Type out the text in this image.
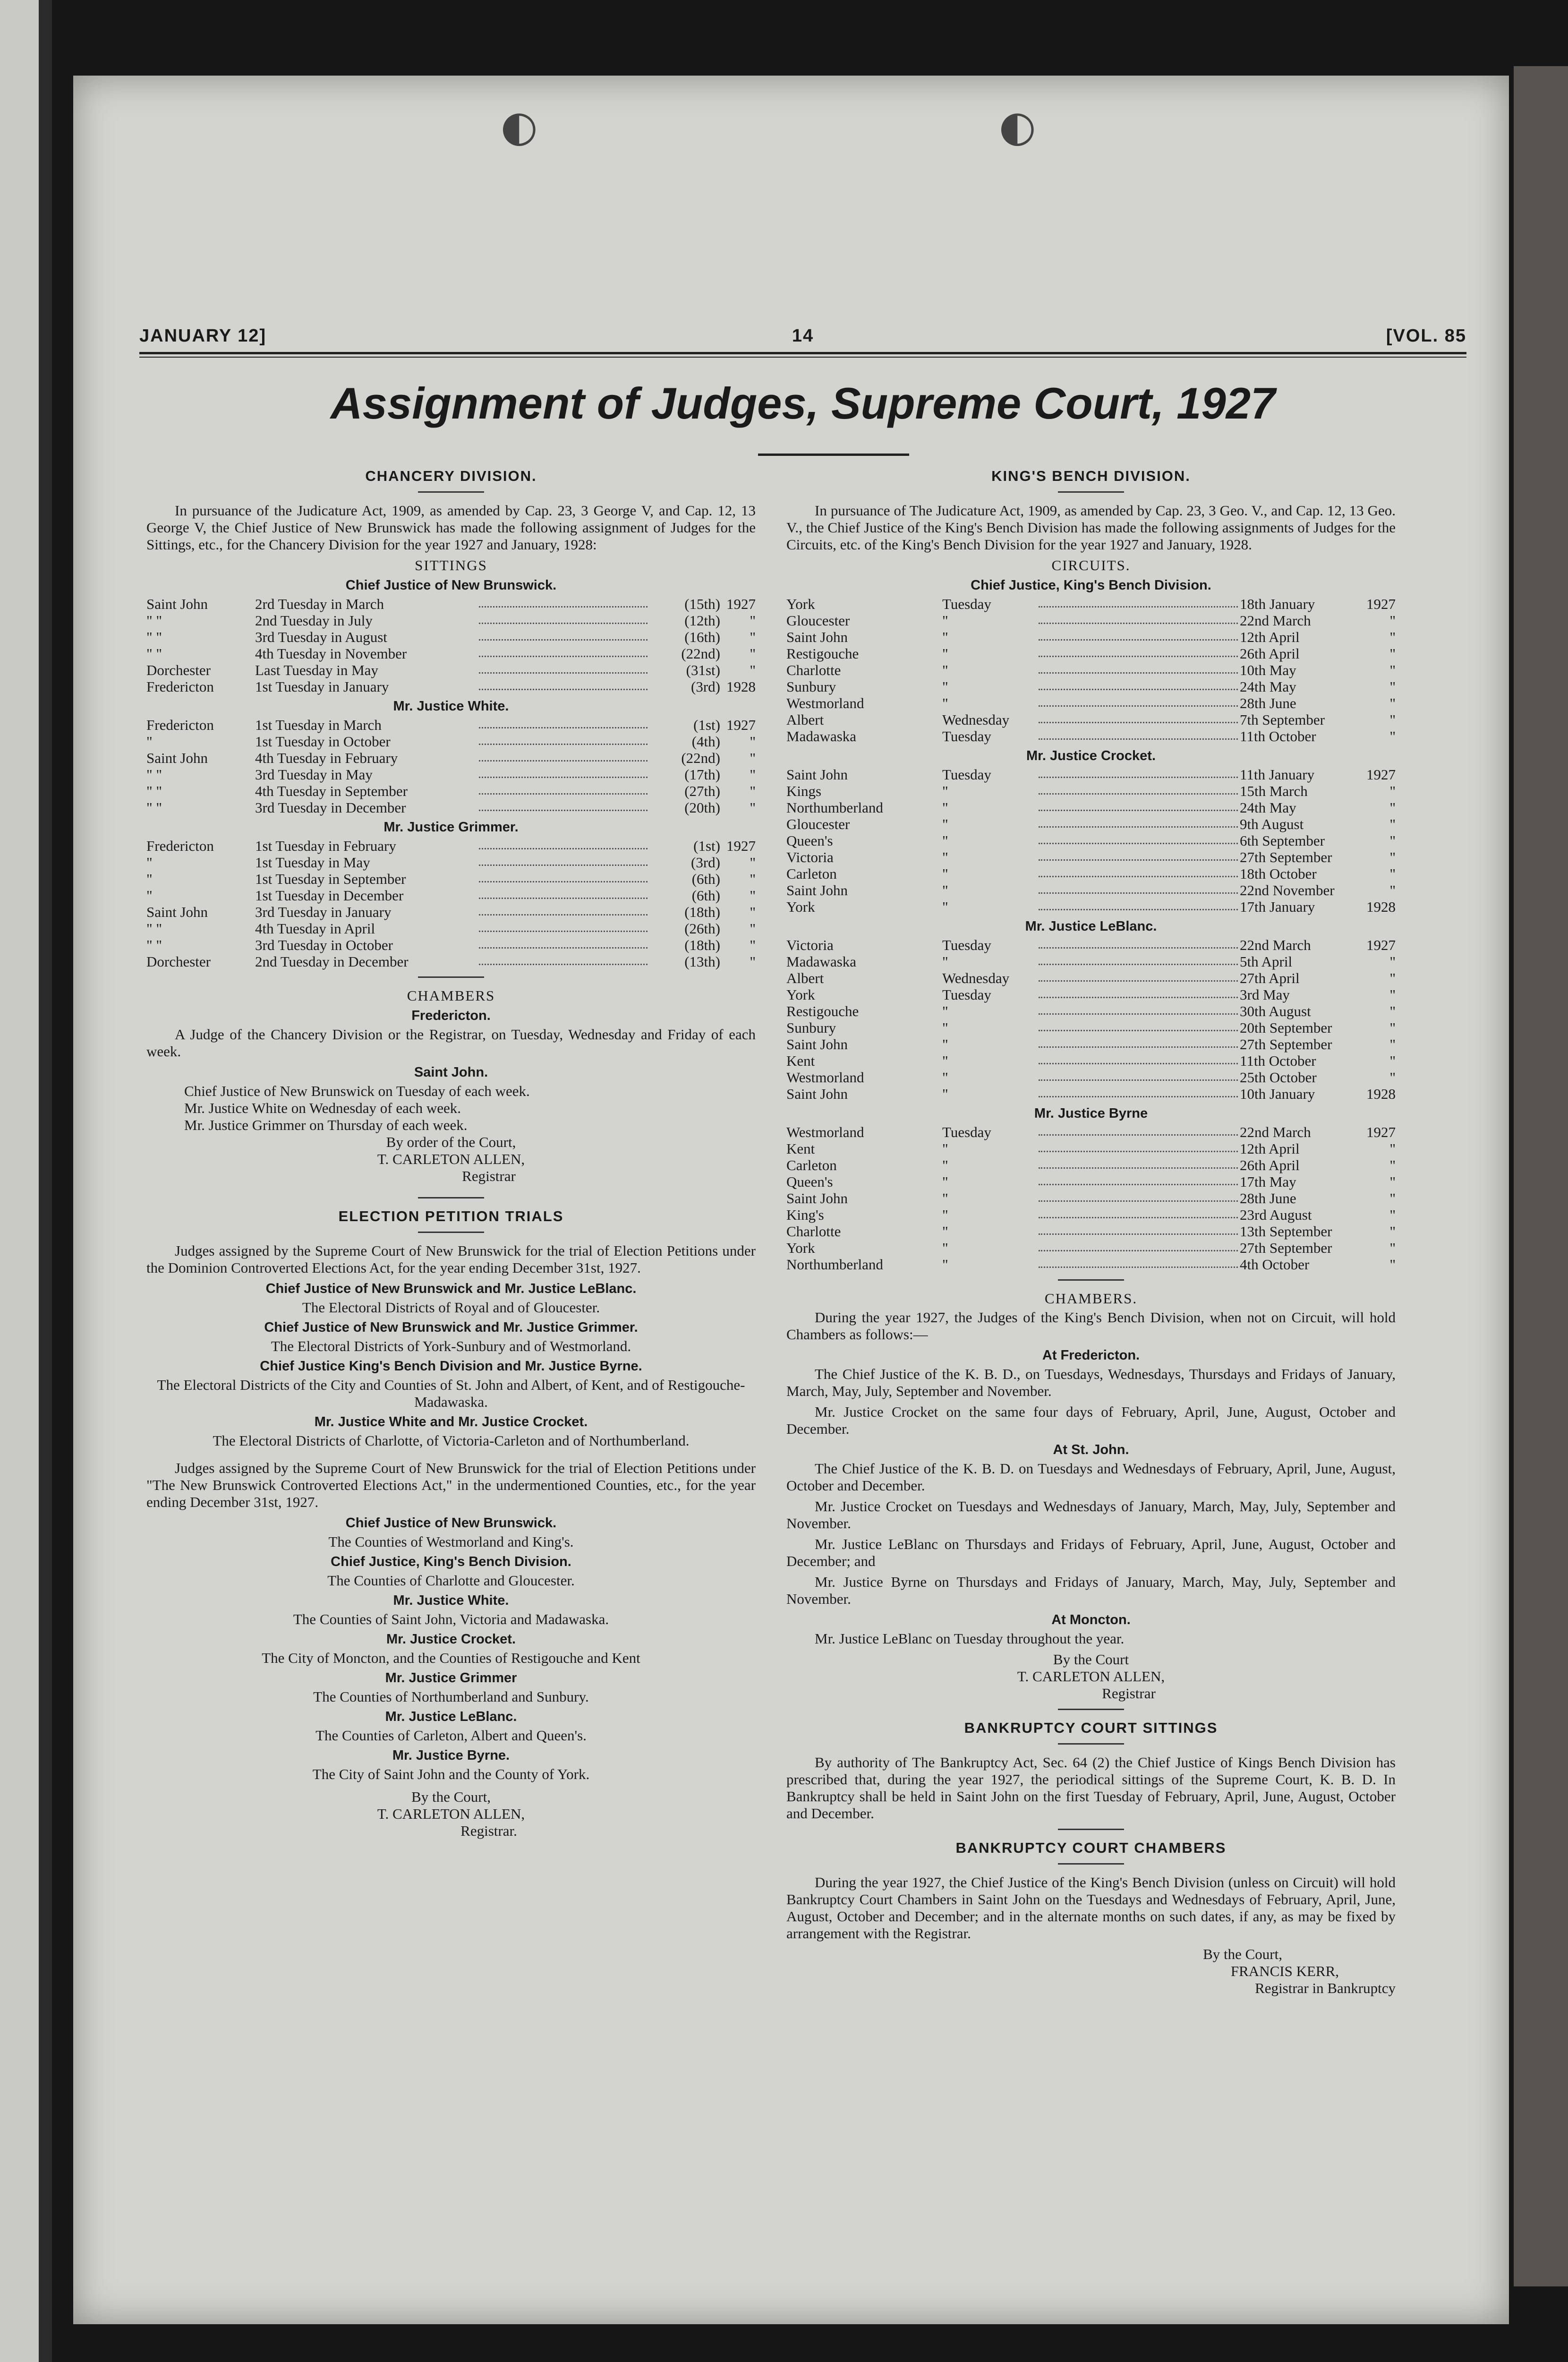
◐	◐
JANUARY 12]	14	[VOL. 85
Assignment of Judges, Supreme Court, 1927

CHANCERY DIVISION.

In pursuance of the Judicature Act, 1909, as amended by Cap. 23, 3 George V, and Cap. 12, 13 George V, the Chief Justice of New Brunswick has made the following assignment of Judges for the Sittings, etc., for the Chancery Division for the year 1927 and January, 1928:

SITTINGS

Chief Justice of New Brunswick.

Saint John	2rd Tuesday in March	(15th) 1927
" "	2nd Tuesday in July	(12th)	"
" "	3rd Tuesday in August	(16th)	"
" "	4th Tuesday in November	(22nd)	"
Dorchester	Last Tuesday in May	(31st)	"
Fredericton	1st Tuesday in January	(3rd) 1928

Mr. Justice White.

Fredericton	1st Tuesday in March	(1st) 1927
"	1st Tuesday in October	(4th)	"
Saint John	4th Tuesday in February	(22nd)	"
" "	3rd Tuesday in May	(17th)	"
" "	4th Tuesday in September	(27th)	"
" "	3rd Tuesday in December	(20th)	"

Mr. Justice Grimmer.

Fredericton	1st Tuesday in February	(1st) 1927
"	1st Tuesday in May	(3rd)	"
"	1st Tuesday in September	(6th)	"
"	1st Tuesday in December	(6th)	"
Saint John	3rd Tuesday in January	(18th)	"
" "	4th Tuesday in April	(26th)	"
" "	3rd Tuesday in October	(18th)	"
Dorchester	2nd Tuesday in December	(13th)	"

CHAMBERS

Fredericton.

A Judge of the Chancery Division or the Registrar, on Tuesday, Wednesday and Friday of each week.

Saint John.

Chief Justice of New Brunswick on Tuesday of each week.

Mr. Justice White on Wednesday of each week.

Mr. Justice Grimmer on Thursday of each week.

By order of the Court,

T. CARLETON ALLEN,

Registrar

ELECTION PETITION TRIALS

Judges assigned by the Supreme Court of New Brunswick for the trial of Election Petitions under the Dominion Controverted Elections Act, for the year ending December 31st, 1927.

Chief Justice of New Brunswick and Mr. Justice LeBlanc.

The Electoral Districts of Royal and of Gloucester.

Chief Justice of New Brunswick and Mr. Justice Grimmer.

The Electoral Districts of York-Sunbury and of Westmorland.

Chief Justice King's Bench Division and Mr. Justice Byrne.

The Electoral Districts of the City and Counties of St. John and Albert, of Kent, and of Restigouche-Madawaska.

Mr. Justice White and Mr. Justice Crocket.

The Electoral Districts of Charlotte, of Victoria-Carleton and of Northumberland.

Judges assigned by the Supreme Court of New Brunswick for the trial of Election Petitions under "The New Brunswick Controverted Elections Act," in the undermentioned Counties, etc., for the year ending December 31st, 1927.

Chief Justice of New Brunswick.

The Counties of Westmorland and King's.

Chief Justice, King's Bench Division.

The Counties of Charlotte and Gloucester.

Mr. Justice White.

The Counties of Saint John, Victoria and Madawaska.

Mr. Justice Crocket.

The City of Moncton, and the Counties of Restigouche and Kent

Mr. Justice Grimmer

The Counties of Northumberland and Sunbury.

Mr. Justice LeBlanc.

The Counties of Carleton, Albert and Queen's.

Mr. Justice Byrne.

The City of Saint John and the County of York.

By the Court,

T. CARLETON ALLEN,

Registrar.

KING'S BENCH DIVISION.

In pursuance of The Judicature Act, 1909, as amended by Cap. 23, 3 Geo. V., and Cap. 12, 13 Geo. V., the Chief Justice of the King's Bench Division has made the following assignments of Judges for the Circuits, etc. of the King's Bench Division for the year 1927 and January, 1928.

CIRCUITS.

Chief Justice, King's Bench Division.

York	Tuesday	18th January	1927
Gloucester	"	22nd March	"
Saint John	"	12th April	"
Restigouche	"	26th April	"
Charlotte	"	10th May	"
Sunbury	"	24th May	"
Westmorland	"	28th June	"
Albert	Wednesday	7th September	"
Madawaska	Tuesday	11th October	"

Mr. Justice Crocket.

Saint John	Tuesday	11th January	1927
Kings	"	15th March	"
Northumberland	"	24th May	"
Gloucester	"	9th August	"
Queen's	"	6th September	"
Victoria	"	27th September	"
Carleton	"	18th October	"
Saint John	"	22nd November	"
York	"	17th January	1928

Mr. Justice LeBlanc.

Victoria	Tuesday	22nd March	1927
Madawaska	"	5th April	"
Albert	Wednesday	27th April	"
York	Tuesday	3rd May	"
Restigouche	"	30th August	"
Sunbury	"	20th September	"
Saint John	"	27th September	"
Kent	"	11th October	"
Westmorland	"	25th October	"
Saint John	"	10th January	1928

Mr. Justice Byrne

Westmorland	Tuesday	22nd March	1927
Kent	"	12th April	"
Carleton	"	26th April	"
Queen's	"	17th May	"
Saint John	"	28th June	"
King's	"	23rd August	"
Charlotte	"	13th September	"
York	"	27th September	"
Northumberland	"	4th October	"

CHAMBERS.

During the year 1927, the Judges of the King's Bench Division, when not on Circuit, will hold Chambers as follows:—

At Fredericton.

The Chief Justice of the K. B. D., on Tuesdays, Wednesdays, Thursdays and Fridays of January, March, May, July, September and November.

Mr. Justice Crocket on the same four days of February, April, June, August, October and December.

At St. John.

The Chief Justice of the K. B. D. on Tuesdays and Wednesdays of February, April, June, August, October and December.

Mr. Justice Crocket on Tuesdays and Wednesdays of January, March, May, July, September and November.

Mr. Justice LeBlanc on Thursdays and Fridays of February, April, June, August, October and December; and

Mr. Justice Byrne on Thursdays and Fridays of January, March, May, July, September and November.

At Moncton.

Mr. Justice LeBlanc on Tuesday throughout the year.

By the Court

T. CARLETON ALLEN,

Registrar

BANKRUPTCY COURT SITTINGS

By authority of The Bankruptcy Act, Sec. 64 (2) the Chief Justice of Kings Bench Division has prescribed that, during the year 1927, the periodical sittings of the Supreme Court, K. B. D. In Bankruptcy shall be held in Saint John on the first Tuesday of February, April, June, August, October and December.

BANKRUPTCY COURT CHAMBERS

During the year 1927, the Chief Justice of the King's Bench Division (unless on Circuit) will hold Bankruptcy Court Chambers in Saint John on the Tuesdays and Wednesdays of February, April, June, August, October and December; and in the alternate months on such dates, if any, as may be fixed by arrangement with the Registrar.

By the Court,

FRANCIS KERR,

Registrar in Bankruptcy
